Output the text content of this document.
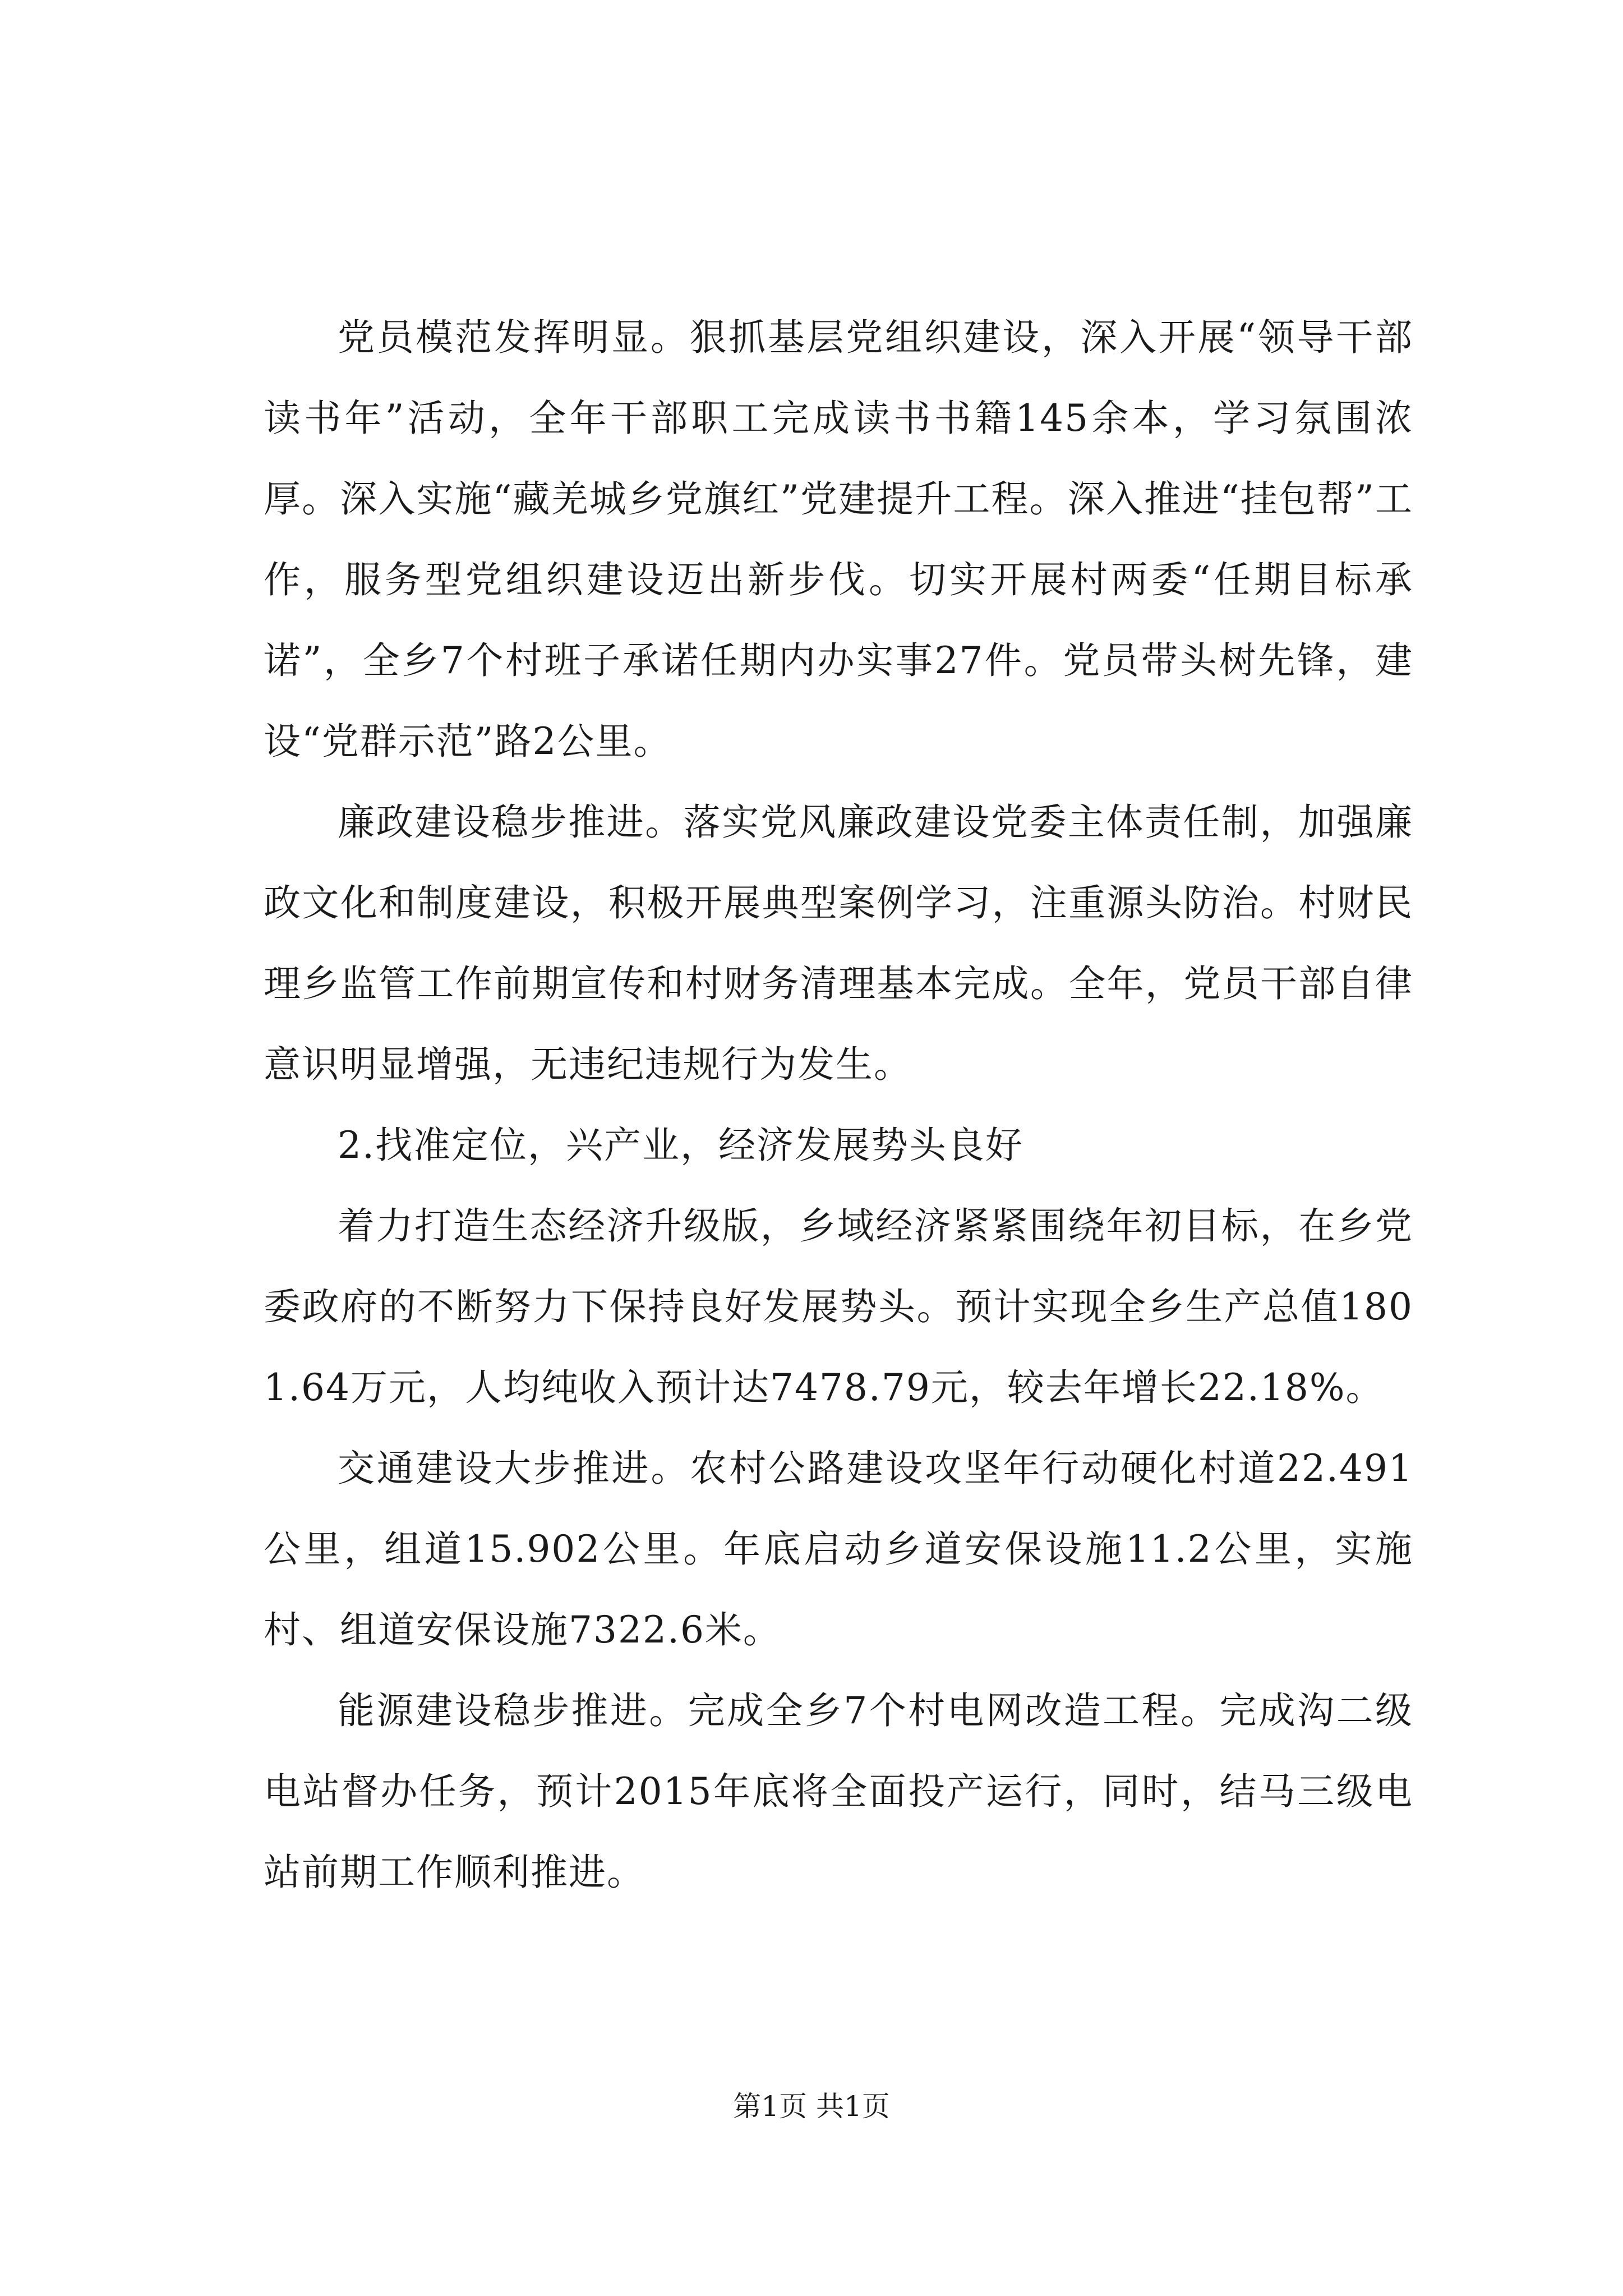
党员模范发挥明显。狠抓基层党组织建设，深入开展“领导干部读书年”活动，全年干部职工完成读书书籍145余本，学习氛围浓厚。深入实施“藏羌城乡党旗红”党建提升工程。深入推进“挂包帮”工作，服务型党组织建设迈出新步伐。切实开展村两委“任期目标承诺”，全乡7个村班子承诺任期内办实事27件。党员带头树先锋，建设“党群示范”路2公里。

廉政建设稳步推进。落实党风廉政建设党委主体责任制，加强廉政文化和制度建设，积极开展典型案例学习，注重源头防治。村财民理乡监管工作前期宣传和村财务清理基本完成。全年，党员干部自律意识明显增强，无违纪违规行为发生。

2.找准定位，兴产业，经济发展势头良好

着力打造生态经济升级版，乡域经济紧紧围绕年初目标，在乡党委政府的不断努力下保持良好发展势头。预计实现全乡生产总值1801.64万元，人均纯收入预计达7478.79元，较去年增长22.18%。

交通建设大步推进。农村公路建设攻坚年行动硬化村道22.491公里，组道15.902公里。年底启动乡道安保设施11.2公里，实施村、组道安保设施7322.6米。

能源建设稳步推进。完成全乡7个村电网改造工程。完成沟二级电站督办任务，预计2015年底将全面投产运行，同时，结马三级电站前期工作顺利推进。

第1页 共1页
